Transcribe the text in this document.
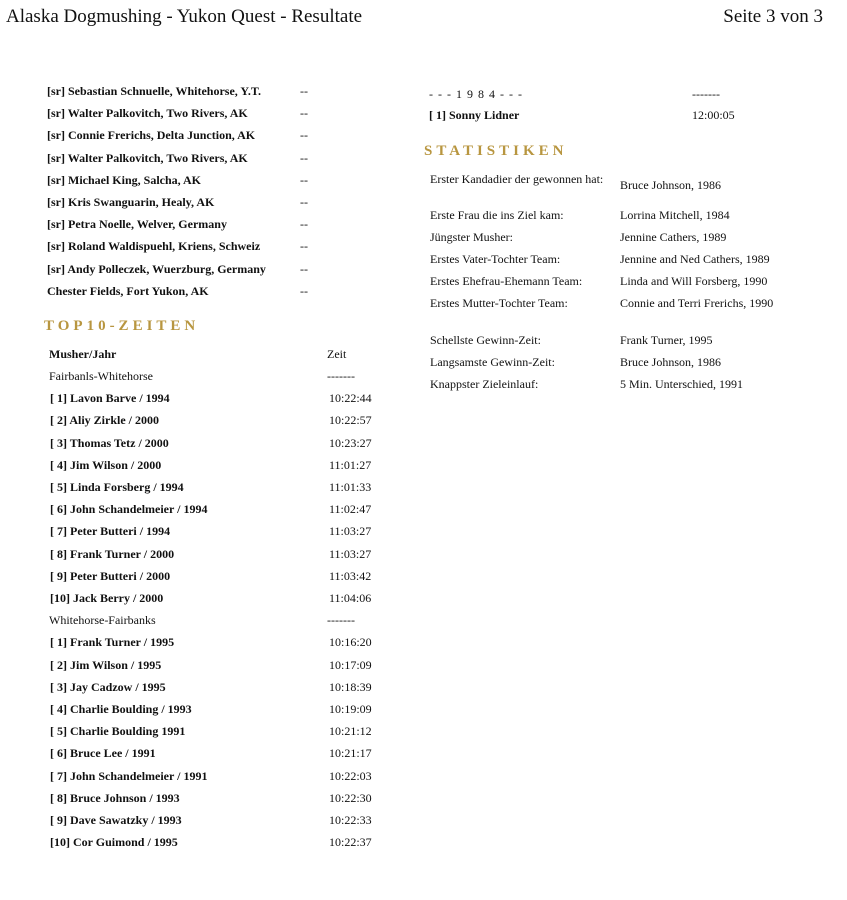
Alaska Dogmushing - Yukon Quest - Resultate	Seite 3 von 3
[sr] Sebastian Schnuelle, Whitehorse, Y.T.	--
[sr] Walter Palkovitch, Two Rivers, AK	--
[sr] Connie Frerichs, Delta Junction, AK	--
[sr] Walter Palkovitch, Two Rivers, AK	--
[sr] Michael King, Salcha, AK	--
[sr] Kris Swanguarin, Healy, AK	--
[sr] Petra Noelle, Welver, Germany	--
[sr] Roland Waldispuehl, Kriens, Schweiz	--
[sr] Andy Polleczek, Wuerzburg, Germany	--
Chester Fields, Fort Yukon, AK	--
TOP10-ZEITEN
Musher/Jahr	Zeit
Fairbanls-Whitehorse	-------
[ 1] Lavon Barve / 1994	10:22:44
[ 2] Aliy Zirkle / 2000	10:22:57
[ 3] Thomas Tetz / 2000	10:23:27
[ 4] Jim Wilson / 2000	11:01:27
[ 5] Linda Forsberg / 1994	11:01:33
[ 6] John Schandelmeier / 1994	11:02:47
[ 7] Peter Butteri / 1994	11:03:27
[ 8] Frank Turner / 2000	11:03:27
[ 9] Peter Butteri / 2000	11:03:42
[10] Jack Berry / 2000	11:04:06
Whitehorse-Fairbanks	-------
[ 1] Frank Turner / 1995	10:16:20
[ 2] Jim Wilson / 1995	10:17:09
[ 3] Jay Cadzow / 1995	10:18:39
[ 4] Charlie Boulding / 1993	10:19:09
[ 5] Charlie Boulding 1991	10:21:12
[ 6] Bruce Lee / 1991	10:21:17
[ 7] John Schandelmeier / 1991	10:22:03
[ 8] Bruce Johnson / 1993	10:22:30
[ 9] Dave Sawatzky / 1993	10:22:33
[10] Cor Guimond / 1995	10:22:37
- - - 1 9 8 4 - - -	-------
[ 1] Sonny Lidner	12:00:05
STATISTIKEN
Erster Kandadier der gewonnen hat:	Bruce Johnson, 1986
Erste Frau die ins Ziel kam:	Lorrina Mitchell, 1984
Jüngster Musher:	Jennine Cathers, 1989
Erstes Vater-Tochter Team:	Jennine and Ned Cathers, 1989
Erstes Ehefrau-Ehemann Team:	Linda and Will Forsberg, 1990
Erstes Mutter-Tochter Team:	Connie and Terri Frerichs, 1990
Schellste Gewinn-Zeit:	Frank Turner, 1995
Langsamste Gewinn-Zeit:	Bruce Johnson, 1986
Knappster Zieleinlauf:	5 Min. Unterschied, 1991
